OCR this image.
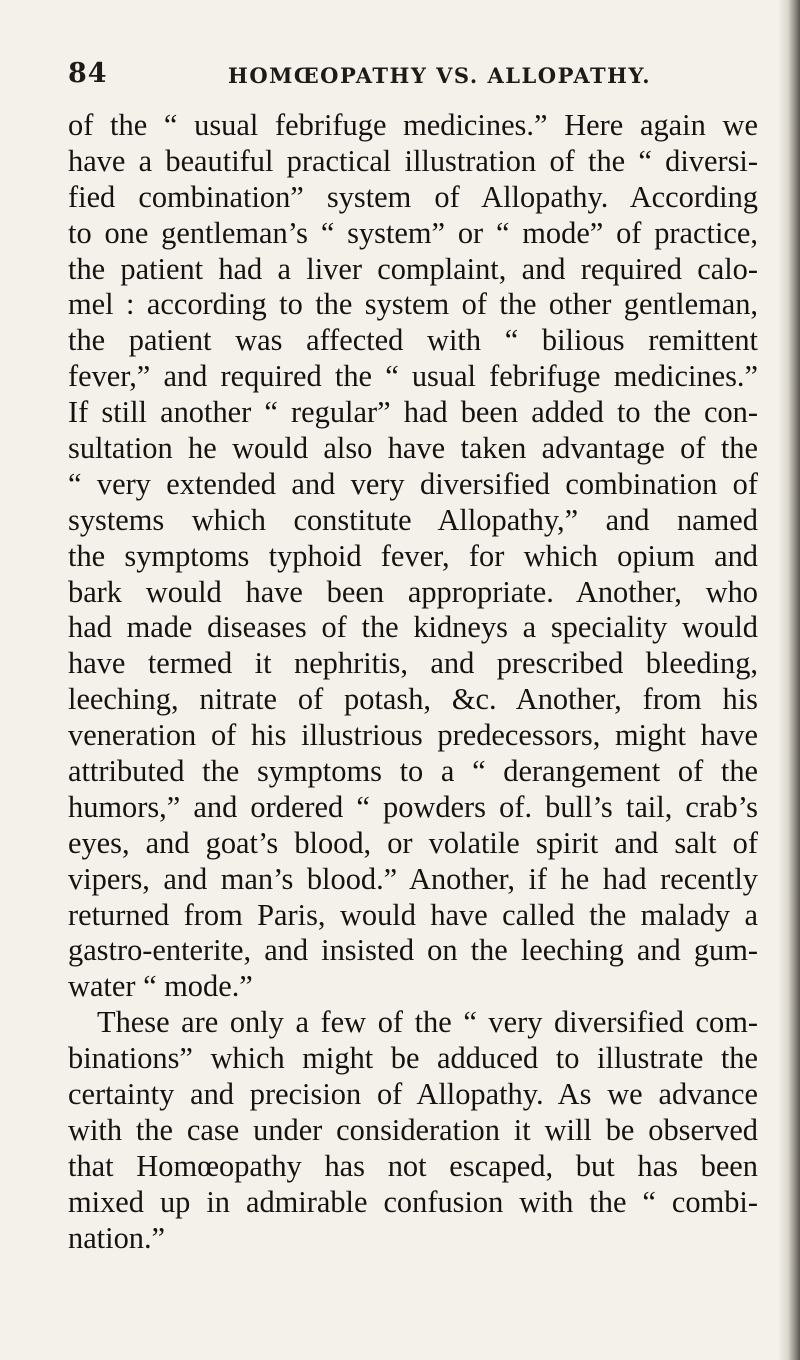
84	HOMŒOPATHY VS. ALLOPATHY.
of the “ usual febrifuge medicines.” Here again we
have a beautiful practical illustration of the “ diversi-
fied combination” system of Allopathy. According
to one gentleman’s “ system” or “ mode” of practice,
the patient had a liver complaint, and required calo-
mel : according to the system of the other gentleman,
the patient was affected with “ bilious remittent
fever,” and required the “ usual febrifuge medicines.”
If still another “ regular” had been added to the con-
sultation he would also have taken advantage of the
“ very extended and very diversified combination of
systems which constitute Allopathy,” and named
the symptoms typhoid fever, for which opium and
bark would have been appropriate. Another, who
had made diseases of the kidneys a speciality would
have termed it nephritis, and prescribed bleeding,
leeching, nitrate of potash, &c. Another, from his
veneration of his illustrious predecessors, might have
attributed the symptoms to a “ derangement of the
humors,” and ordered “ powders of. bull’s tail, crab’s
eyes, and goat’s blood, or volatile spirit and salt of
vipers, and man’s blood.” Another, if he had recently
returned from Paris, would have called the malady a
gastro-enterite, and insisted on the leeching and gum-
water “ mode.”
These are only a few of the “ very diversified com-
binations” which might be adduced to illustrate the
certainty and precision of Allopathy. As we advance
with the case under consideration it will be observed
that Homœopathy has not escaped, but has been
mixed up in admirable confusion with the “ combi-
nation.”
